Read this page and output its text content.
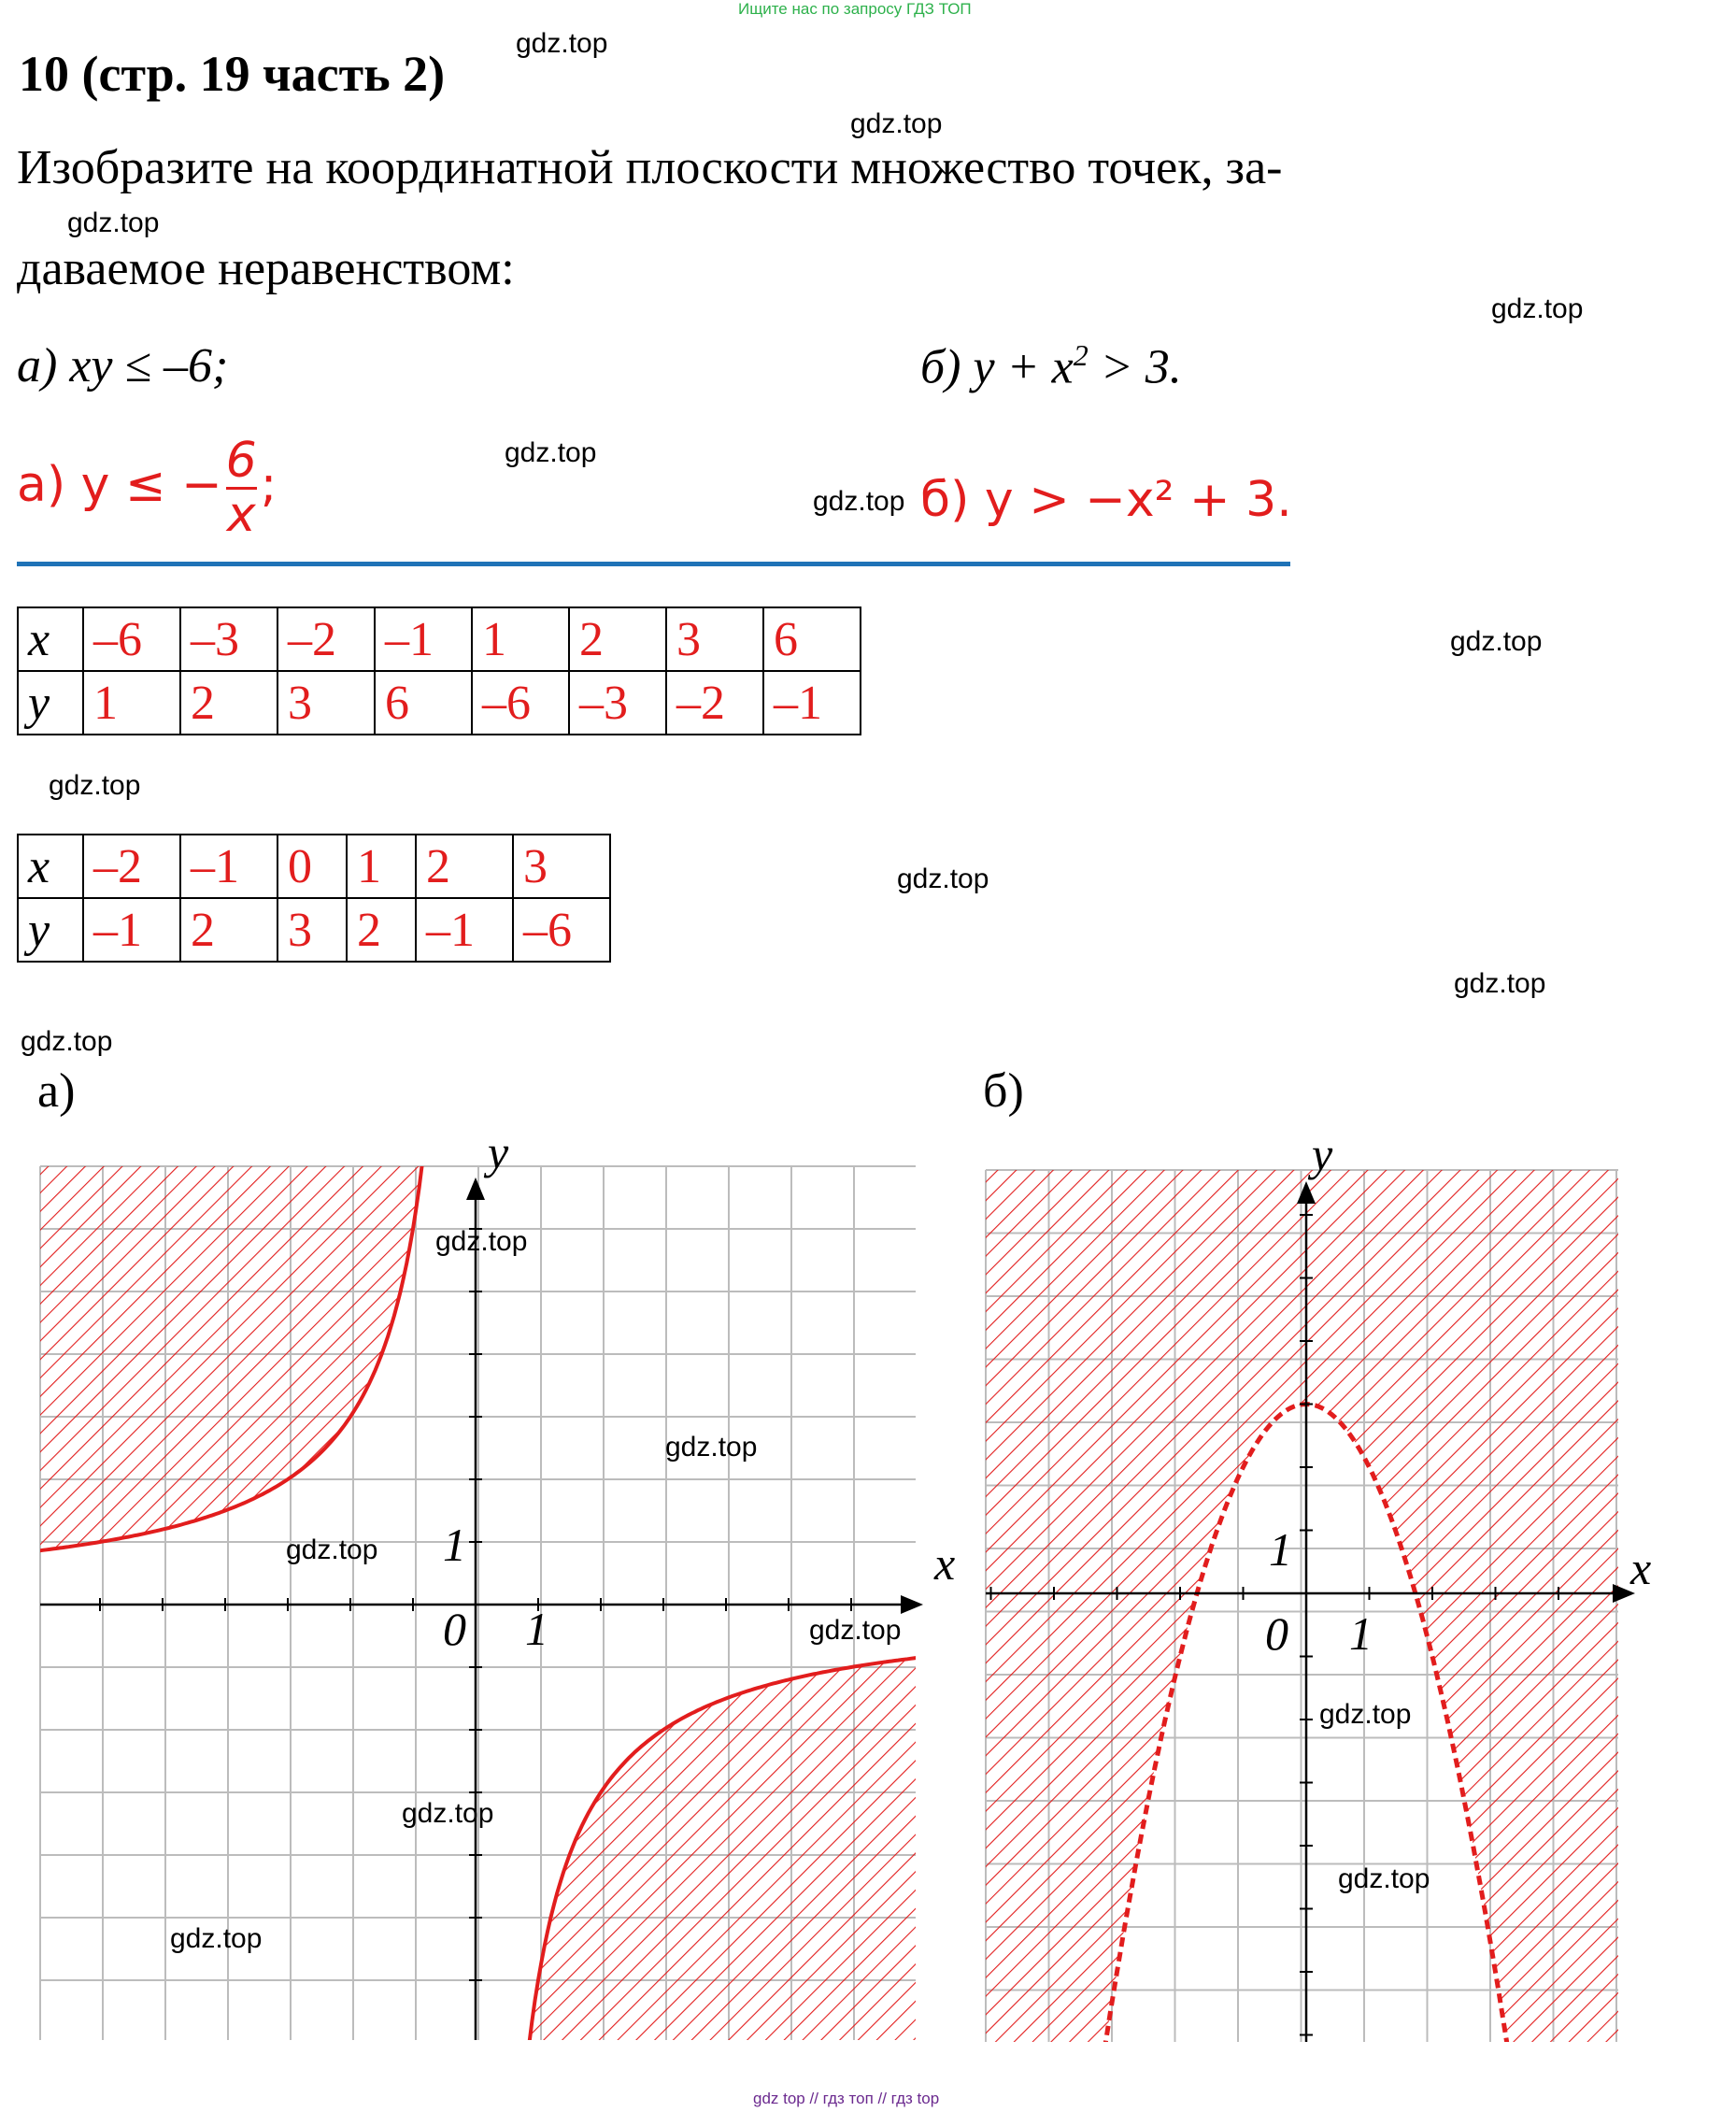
Ищите нас по запросу ГДЗ ТОП
gdz top // гдз топ // гдз top
10 (стр. 19 часть 2)
Изобразите на координатной плоскости множество точек, за-
даваемое неравенством:
а) xy ≤ –6;	б) $y + x^2 > 3$.
а) y ≤ − $\frac{6}{x}$ ;	б) y > −x² + 3.
x	–6	–3	–2	–1	1	2	3	6
y	1	2	3	6	–6	–3	–2	–1
x	–2	–1	0	1	2	3
y	–1	2	3	2	–1	–6
а)	б)
x
y
0 1
1	x
y
0 1
1
gdz.top
gdz.top
gdz.top
gdz.top
gdz.top
gdz.top
gdz.top
gdz.top
gdz.top
gdz.top
gdz.top
gdz.top
gdz.top
gdz.top
gdz.top
gdz.top
gdz.top
gdz.top
gdz.top
